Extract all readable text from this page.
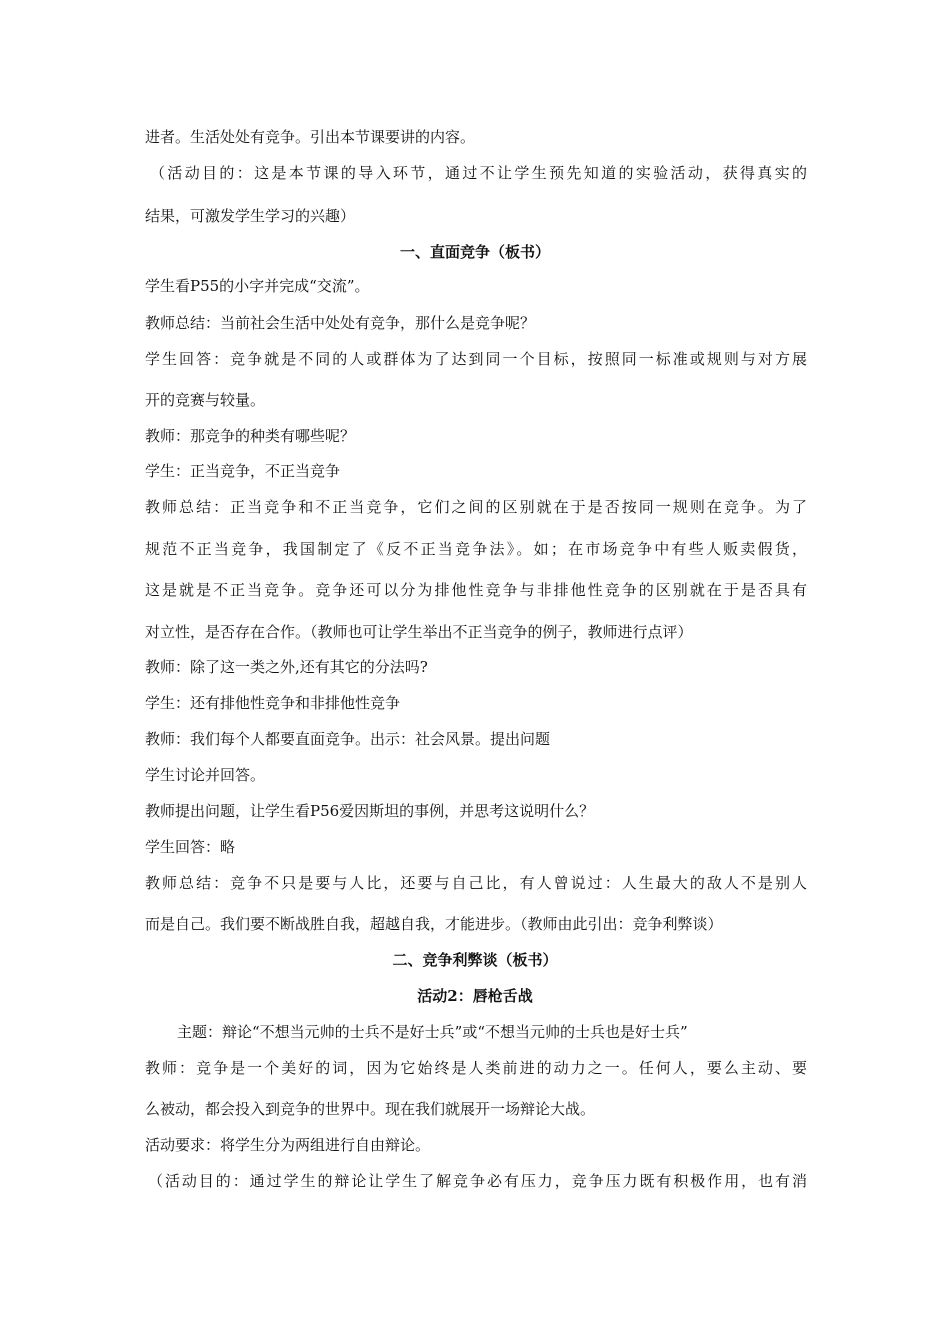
进者。生活处处有竞争。引出本节课要讲的内容。
（活动目的：这是本节课的导入环节，通过不让学生预先知道的实验活动，获得真实的
结果，可激发学生学习的兴趣）
一、直面竞争（板书）
学生看P55的小字并完成“交流”。
教师总结：当前社会生活中处处有竞争，那什么是竞争呢？
学生回答：竞争就是不同的人或群体为了达到同一个目标，按照同一标准或规则与对方展
开的竞赛与较量。
教师：那竞争的种类有哪些呢？
学生：正当竞争，不正当竞争
教师总结：正当竞争和不正当竞争，它们之间的区别就在于是否按同一规则在竞争。为了
规范不正当竞争，我国制定了《反不正当竞争法》。如；在市场竞争中有些人贩卖假货，
这是就是不正当竞争。竞争还可以分为排他性竞争与非排他性竞争的区别就在于是否具有
对立性，是否存在合作。（教师也可让学生举出不正当竞争的例子，教师进行点评）
教师：除了这一类之外,还有其它的分法吗?
学生：还有排他性竞争和非排他性竞争
教师：我们每个人都要直面竞争。出示：社会风景。提出问题
学生讨论并回答。
教师提出问题，让学生看P56爱因斯坦的事例，并思考这说明什么？
学生回答：略
教师总结：竞争不只是要与人比，还要与自己比，有人曾说过：人生最大的敌人不是别人
而是自己。我们要不断战胜自我，超越自我，才能进步。（教师由此引出：竞争利弊谈）
二、竞争利弊谈（板书）
活动2：唇枪舌战
主题：辩论“不想当元帅的士兵不是好士兵”或“不想当元帅的士兵也是好士兵”
教师：竞争是一个美好的词，因为它始终是人类前进的动力之一。任何人，要么主动、要
么被动，都会投入到竞争的世界中。现在我们就展开一场辩论大战。
活动要求：将学生分为两组进行自由辩论。
（活动目的：通过学生的辩论让学生了解竞争必有压力，竞争压力既有积极作用，也有消
